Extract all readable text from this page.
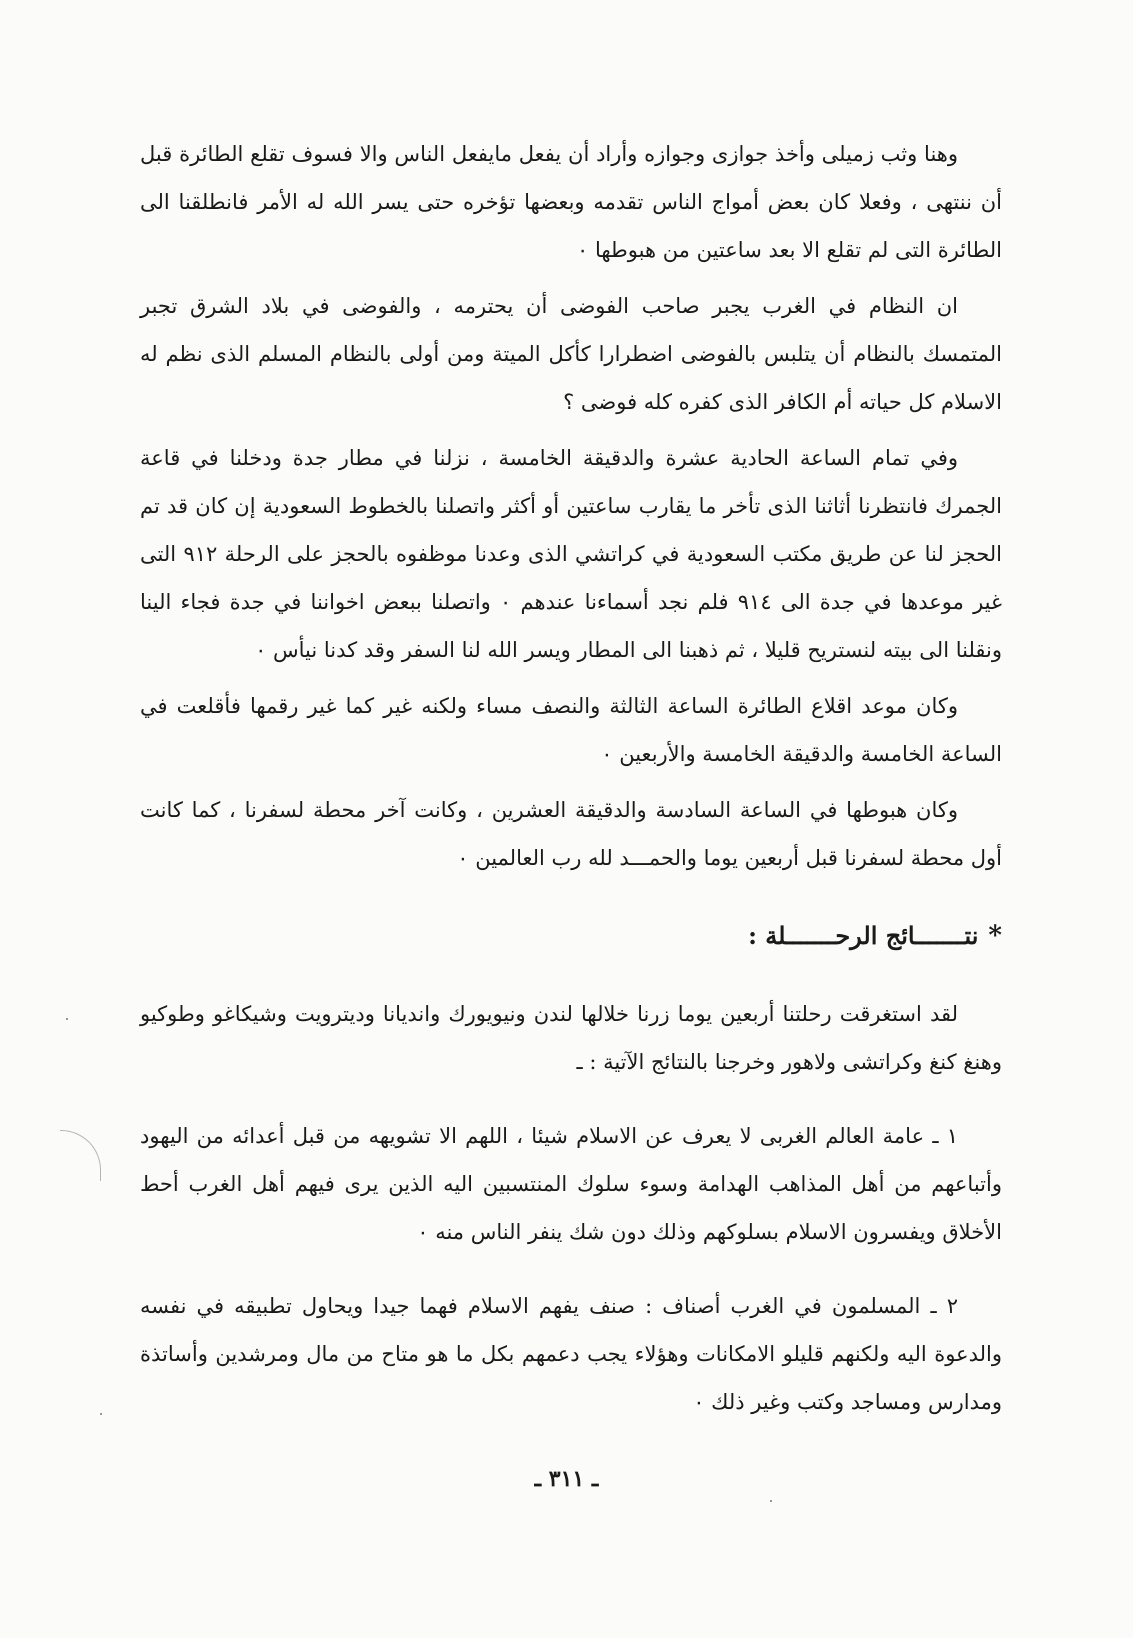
وهنا وثب زميلى وأخذ جوازى وجوازه وأراد أن يفعل مايفعل الناس والا فسوف تقلع الطائرة قبل أن ننتهى ، وفعلا كان بعض أمواج الناس تقدمه وبعضها تؤخره حتى يسر الله له الأمر فانطلقنا الى الطائرة التى لم تقلع الا بعد ساعتين من هبوطها ٠

ان النظام في الغرب يجبر صاحب الفوضى أن يحترمه ، والفوضى في بلاد الشرق تجبر المتمسك بالنظام أن يتلبس بالفوضى اضطرارا كأكل الميتة ومن أولى بالنظام المسلم الذى نظم له الاسلام كل حياته أم الكافر الذى كفره كله فوضى ؟

وفي تمام الساعة الحادية عشرة والدقيقة الخامسة ، نزلنا في مطار جدة ودخلنا في قاعة الجمرك فانتظرنا أثاثنا الذى تأخر ما يقارب ساعتين أو أكثر واتصلنا بالخطوط السعودية إن كان قد تم الحجز لنا عن طريق مكتب السعودية في كراتشي الذى وعدنا موظفوه بالحجز على الرحلة ٩١٢ التى غير موعدها في جدة الى ٩١٤ فلم نجد أسماءنا عندهم ٠ واتصلنا ببعض اخواننا في جدة فجاء الينا ونقلنا الى بيته لنستريح قليلا ، ثم ذهبنا الى المطار ويسر الله لنا السفر وقد كدنا نيأس ٠

وكان موعد اقلاع الطائرة الساعة الثالثة والنصف مساء ولكنه غير كما غير رقمها فأقلعت في الساعة الخامسة والدقيقة الخامسة والأربعين ٠

وكان هبوطها في الساعة السادسة والدقيقة العشرين ، وكانت آخر محطة لسفرنا ، كما كانت أول محطة لسفرنا قبل أربعين يوما والحمـــد لله رب العالمين ٠

*نتـــــــائج الرحـــــــلة :

لقد استغرقت رحلتنا أربعين يوما زرنا خلالها لندن ونيويورك وانديانا وديترويت وشيكاغو وطوكيو وهنغ كنغ وكراتشى ولاهور وخرجنا بالنتائج الآتية : ـ

١ ـ عامة العالم الغربى لا يعرف عن الاسلام شيئا ، اللهم الا تشويهه من قبل أعدائه من اليهود وأتباعهم من أهل المذاهب الهدامة وسوء سلوك المنتسبين اليه الذين يرى فيهم أهل الغرب أحط الأخلاق ويفسرون الاسلام بسلوكهم وذلك دون شك ينفر الناس منه ٠

٢ ـ المسلمون في الغرب أصناف : صنف يفهم الاسلام فهما جيدا ويحاول تطبيقه في نفسه والدعوة اليه ولكنهم قليلو الامكانات وهؤلاء يجب دعمهم بكل ما هو متاح من مال ومرشدين وأساتذة ومدارس ومساجد وكتب وغير ذلك ٠

ـ ٣١١ ـ
